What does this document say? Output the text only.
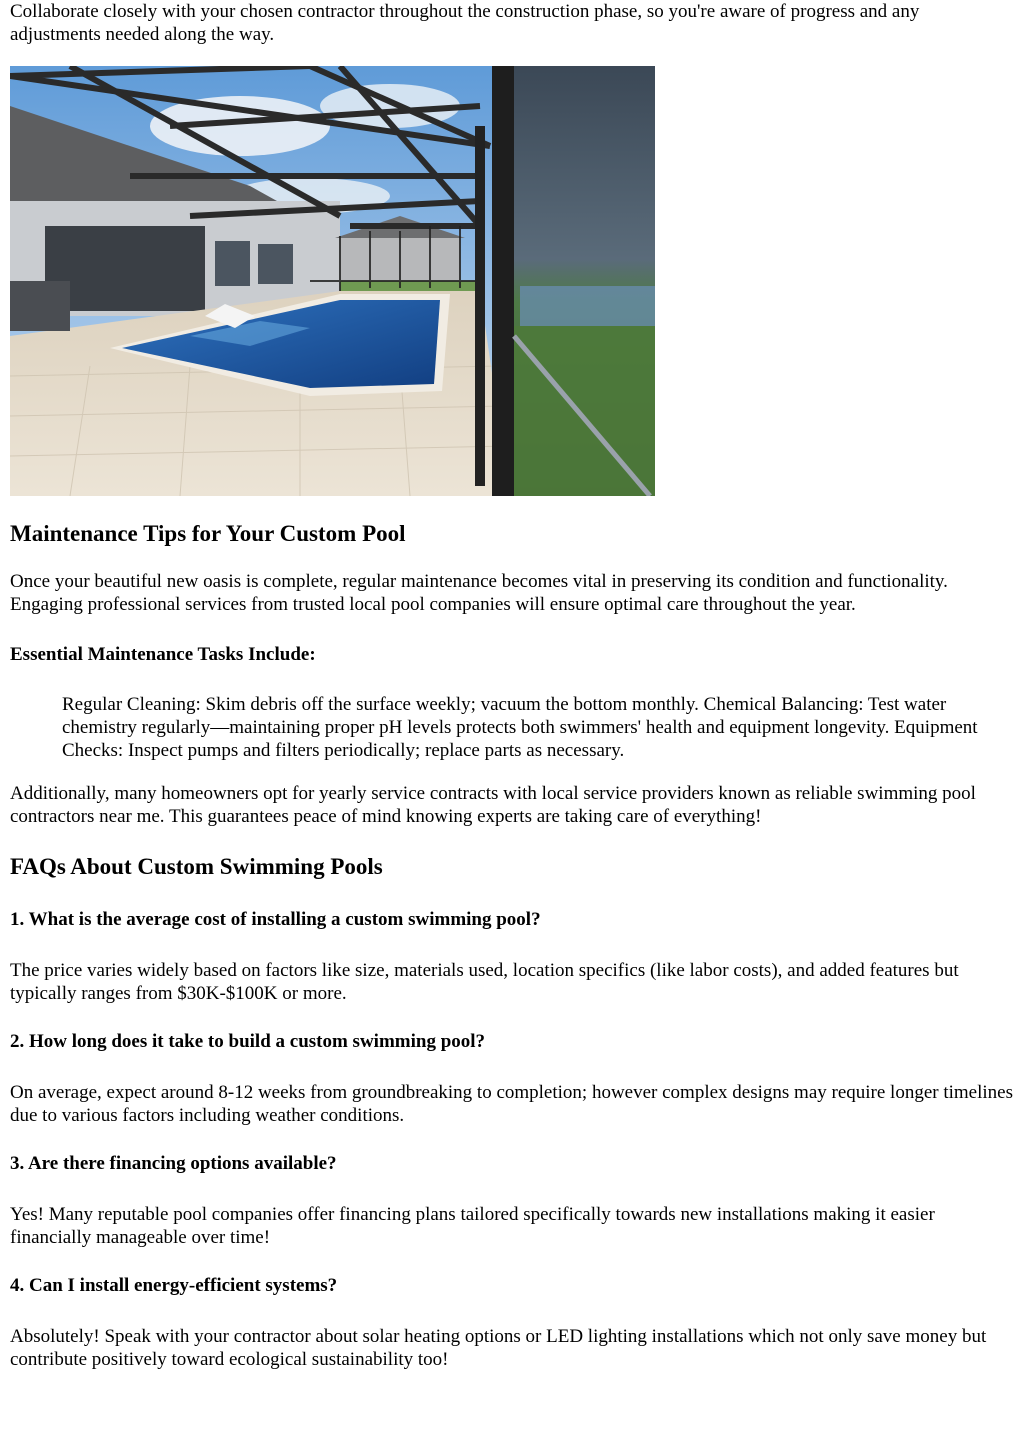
Collaborate closely with your chosen contractor throughout the construction phase, so you're aware of progress and any adjustments needed along the way.

Maintenance Tips for Your Custom Pool

Once your beautiful new oasis is complete, regular maintenance becomes vital in preserving its condition and functionality. Engaging professional services from trusted local pool companies will ensure optimal care throughout the year.

Essential Maintenance Tasks Include:

Regular Cleaning: Skim debris off the surface weekly; vacuum the bottom monthly. Chemical Balancing: Test water chemistry regularly—maintaining proper pH levels protects both swimmers' health and equipment longevity. Equipment Checks: Inspect pumps and filters periodically; replace parts as necessary.

Additionally, many homeowners opt for yearly service contracts with local service providers known as reliable swimming pool contractors near me. This guarantees peace of mind knowing experts are taking care of everything!

FAQs About Custom Swimming Pools
1. What is the average cost of installing a custom swimming pool?

The price varies widely based on factors like size, materials used, location specifics (like labor costs), and added features but typically ranges from $30K-$100K or more.

2. How long does it take to build a custom swimming pool?

On average, expect around 8-12 weeks from groundbreaking to completion; however complex designs may require longer timelines due to various factors including weather conditions.

3. Are there financing options available?

Yes! Many reputable pool companies offer financing plans tailored specifically towards new installations making it easier financially manageable over time!

4. Can I install energy-efficient systems?

Absolutely! Speak with your contractor about solar heating options or LED lighting installations which not only save money but contribute positively toward ecological sustainability too!
